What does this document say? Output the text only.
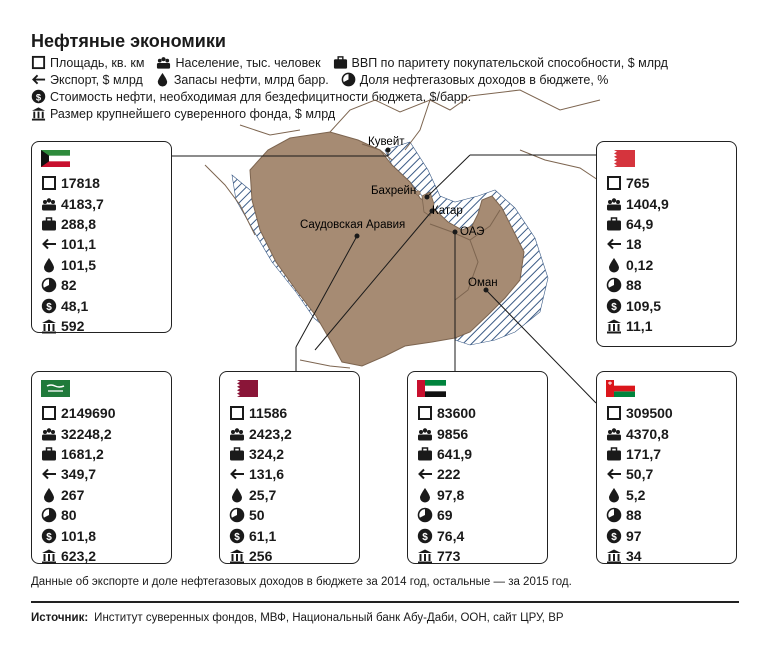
Нефтяные экономики
Площадь, кв. км Население, тыс. человек ВВП по паритету покупательской способности, $ млрд
Экспорт, $ млрд Запасы нефти, млрд барр. Доля нефтегазовых доходов в бюджете, %
Стоимость нефти, необходимая для бездефицитности бюджета, $/барр.
Размер крупнейшего суверенного фонда, $ млрд
Кувейт
Бахрейн
Катар
Саудовская Аравия
ОАЭ
Оман
17818
4183,7
288,8
101,1
101,5
82
48,1
592
765
1404,9
64,9
18
0,12
88
109,5
11,1
2149690
32248,2
1681,2
349,7
267
80
101,8
623,2
11586
2423,2
324,2
131,6
25,7
50
61,1
256
83600
9856
641,9
222
97,8
69
76,4
773
309500
4370,8
171,7
50,7
5,2
88
97
34
Данные об экспорте и доле нефтегазовых доходов в бюджете за 2014 год, остальные — за 2015 год.
Источник: Институт суверенных фондов, МВФ, Национальный банк Абу-Даби, ООН, сайт ЦРУ, BP
